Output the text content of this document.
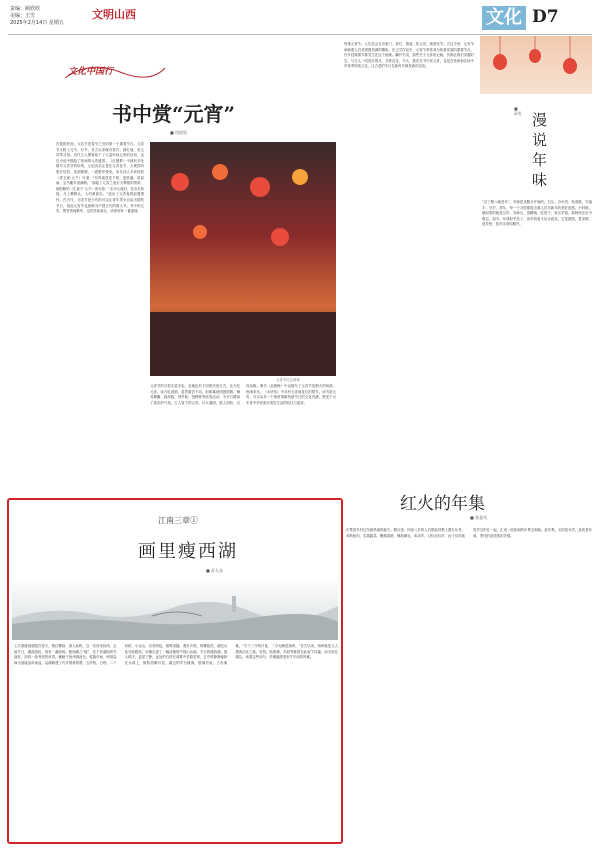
责编：顾欣欣
美编：王雪
2025年2月14日 星期五
文明山西	文化 D7
文化中国行
书中赏“元宵”
■ 钱望男
在我国民间，元宵节是春节之后的第一个重要节日。元宵节又称上元节、灯节，自古以来就有赏灯、猜灯谜、吃元宵等习俗。历代文人墨客留下了大量吟咏元宵的诗词，也在小说中描绘了热闹的元宵盛景。《红楼梦》中就有多处描写元宵节的场景，元妃省亲正是在元宵佳节，大观园内张灯结彩，花团锦簇，一派繁华景象。宋代词人辛弃疾的《青玉案·元夕》写道：“东风夜放花千树，更吹落、星如雨。宝马雕车香满路。”描绘了元宵之夜灯火辉煌的景象。欧阳修的《生查子·元夕》则写道：“去年元夜时，花市灯如昼。月上柳梢头，人约黄昏后。”道出了元宵夜的浪漫情怀。在古代，元宵节是少有的可以让青年男女自由出游的节日，因此元宵节也被称为中国古代的情人节。书中的元宵，既有热闹繁华，也有悲欢离合，读来别有一番滋味。
元宵节灯会现场
元宵节的习俗丰富多彩，各地也有不同的庆祝方式。北方吃元宵，南方吃汤圆，虽然做法不同，但都寓意团团圆圆。舞龙舞狮、踩高跷、划旱船、扭秧歌等民俗活动，为节日增添了欢乐的气氛。古人笔下的元宵，灯火通明，游人如织，百戏杂陈。明代《金瓶梅》中也描写了元宵节放烟火的场面，热闹非凡。《水浒传》中亦有元宵闹花灯的情节。读书赏元宵，可以从另一个角度领略传统节日的文化内涵，感受千百年来中华民族对美好生活的向往与追求。
每逢元宵节，人们总会走出家门，赏灯、猜谜、吃元宵，欢度佳节。古往今来，元宵节承载着人们对团圆美满的期盼。在文学作品中，元宵节常常成为故事发展的重要节点，许多经典情节都发生在这个夜晚。翻开书页，那些关于元宵的记载，仿佛让我们穿越时空，与古人一同赏灯观月，共度良宵。今天，我们在书中赏元宵，也是在传承和弘扬中华优秀传统文化，让古老的节日在新时代焕发新的光彩。
■ 章男 漫
说
年
味
“过了腊八就是年”，年味是从腊月开始的。扫尘、办年货、贴春联、写福字、守岁、拜年，每一个习俗都饱含着人们对新年的美好祝愿。小时候，最盼望的就是过年，穿新衣、放鞭炮、吃饺子、收压岁钱，那种快乐至今难忘。如今，年味似乎淡了，但年的意义从未改变，它是团圆，是亲情，是乡愁，是对未来的期许。
红火的年集
■ 张金凤
年集是乡村过年最热闹的地方。腊月里，四里八乡的人们都赶到集上置办年货，鸡鸭鱼肉、瓜果蔬菜、鞭炮春联，琳琅满目。叫卖声、讨价还价声、孩子们的欢笑声交织在一起，汇成一曲热闹的年集交响曲。赶年集，买的是年货，品的是年味，寄托的是浓浓的乡情。
江南三章①
画里瘦西湖
■ 苏人良
上次看瘦西湖是在春天，桃红柳绿，游人如织。这一次再来扬州，正值冬日，湖面清寂，别有一番韵味。瘦西湖之“瘦”，在于其湖面狭长曲折，如同一条秀美的丝带，蜿蜒于扬州城西北。乾隆年间，两淮盐商为迎接皇帝南巡，沿湖修建了许多园林景观，五亭桥、白塔、二十四桥、小金山，各具特色，相映成趣。漫步长堤，杨柳依依，湖光山色尽收眼底，仿佛走进了一幅淡雅的中国山水画。冬日的瘦西湖，游人稀少，更显宁静。远处的白塔在薄雾中若隐若现，五亭桥静静地卧在水面上，倒影清晰可见。湖边的亭台楼阁，错落有致，古朴典雅。“天下三分明月夜，二分无赖是扬州。”自古以来，扬州就是文人墨客向往之地。杜牧、欧阳修、苏轼等都曾在此留下诗篇。如今站在湖边，读着这些诗句，仿佛能感受到千年前的风雅。
